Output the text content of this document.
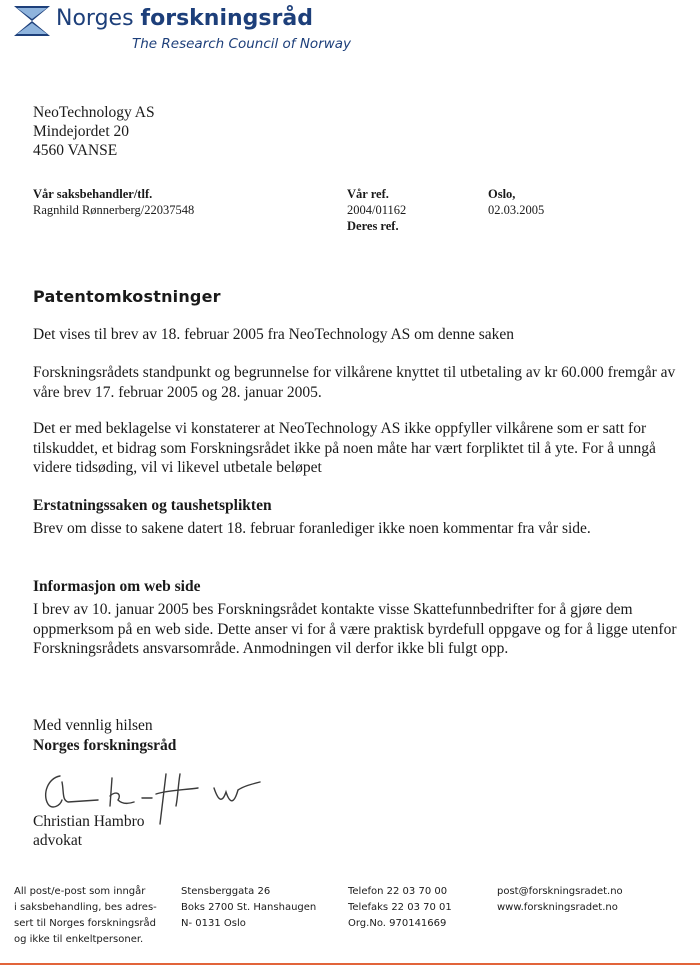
Norges forskningsråd
The Research Council of Norway
NeoTechnology AS
Mindejordet 20
4560 VANSE
Vår saksbehandler/tlf.
Ragnhild Rønnerberg/22037548
Vår ref.
2004/01162
Deres ref.
Oslo,
02.03.2005
Patentomkostninger
Det vises til brev av 18. februar 2005 fra NeoTechnology AS om denne saken
Forskningsrådets standpunkt og begrunnelse for vilkårene knyttet til utbetaling av kr 60.000 fremgår av våre brev 17. februar 2005 og 28. januar 2005.
Det er med beklagelse vi konstaterer at NeoTechnology AS ikke oppfyller vilkårene som er satt for tilskuddet, et bidrag som Forskningsrådet ikke på noen måte har vært forpliktet til å yte. For å unngå videre tidsøding, vil vi likevel utbetale beløpet
Erstatningssaken og taushetsplikten
Brev om disse to sakene datert 18. februar foranlediger ikke noen kommentar fra vår side.
Informasjon om web side
I brev av 10. januar 2005 bes Forskningsrådet kontakte visse Skattefunnbedrifter for å gjøre dem oppmerksom på en web side. Dette anser vi for å være praktisk byrdefull oppgave og for å ligge utenfor Forskningsrådets ansvarsområde. Anmodningen vil derfor ikke bli fulgt opp.
Med vennlig hilsen
Norges forskningsråd
Christian Hambro
advokat
All post/e-post som inngår
i saksbehandling, bes adres-
sert til Norges forskningsråd
og ikke til enkeltpersoner.
Stensberggata 26
Boks 2700 St. Hanshaugen
N- 0131 Oslo
Telefon 22 03 70 00
Telefaks 22 03 70 01
Org.No. 970141669
post@forskningsradet.no
www.forskningsradet.no
